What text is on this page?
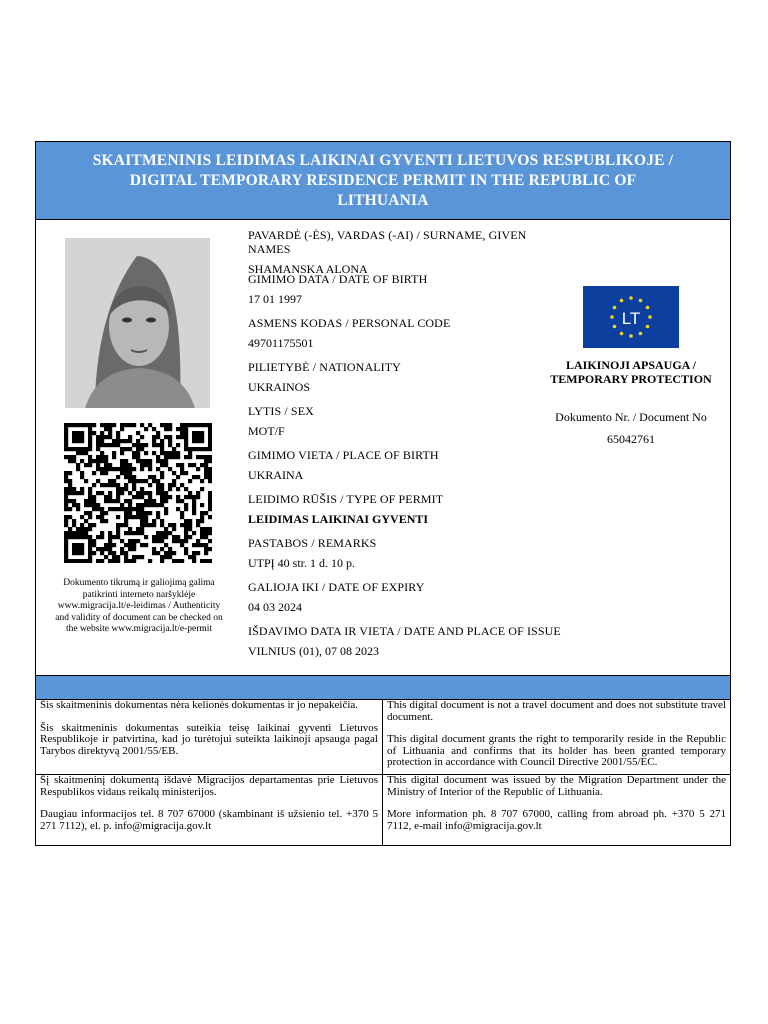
SKAITMENINIS LEIDIMAS LAIKINAI GYVENTI LIETUVOS RESPUBLIKOJE /
DIGITAL TEMPORARY RESIDENCE PERMIT IN THE REPUBLIC OF
LITHUANIA
Dokumento tikrumą ir galiojimą galima
patikrinti interneto naršyklėje
www.migracija.lt/e-leidimas / Authenticity
and validity of document can be checked on
the website www.migracija.lt/e-permit
PAVARDĖ (-ĖS), VARDAS (-AI) / SURNAME, GIVEN NAMES
SHAMANSKA ALONA
GIMIMO DATA / DATE OF BIRTH
17 01 1997
ASMENS KODAS / PERSONAL CODE
49701175501
PILIETYBĖ / NATIONALITY
UKRAINOS
LYTIS / SEX
MOT/F
GIMIMO VIETA / PLACE OF BIRTH
UKRAINA
LEIDIMO RŪŠIS / TYPE OF PERMIT
LEIDIMAS LAIKINAI GYVENTI
PASTABOS / REMARKS
UTPĮ 40 str. 1 d. 10 p.
GALIOJA IKI / DATE OF EXPIRY
04 03 2024
IŠDAVIMO DATA IR VIETA / DATE AND PLACE OF ISSUE
VILNIUS (01), 07 08 2023
LT
LAIKINOJI APSAUGA /
TEMPORARY PROTECTION
Dokumento Nr. / Document No
65042761

Šis skaitmeninis dokumentas nėra kelionės dokumentas ir jo nepakeičia.

Šis skaitmeninis dokumentas suteikia teisę laikinai gyventi Lietuvos Respublikoje ir patvirtina, kad jo turėtojui suteikta laikinoji apsauga pagal Tarybos direktyvą 2001/55/EB.

This digital document is not a travel document and does not substitute travel document.

This digital document grants the right to temporarily reside in the Republic of Lithuania and confirms that its holder has been granted temporary protection in accordance with Council Directive 2001/55/EC.

Šį skaitmeninį dokumentą išdavė Migracijos departamentas prie Lietuvos Respublikos vidaus reikalų ministerijos.

Daugiau informacijos tel. 8 707 67000 (skambinant iš užsienio tel. +370 5 271 7112), el. p. info@migracija.gov.lt

This digital document was issued by the Migration Department under the Ministry of Interior of the Republic of Lithuania.

More information ph. 8 707 67000, calling from abroad ph. +370 5 271 7112, e-mail info@migracija.gov.lt
